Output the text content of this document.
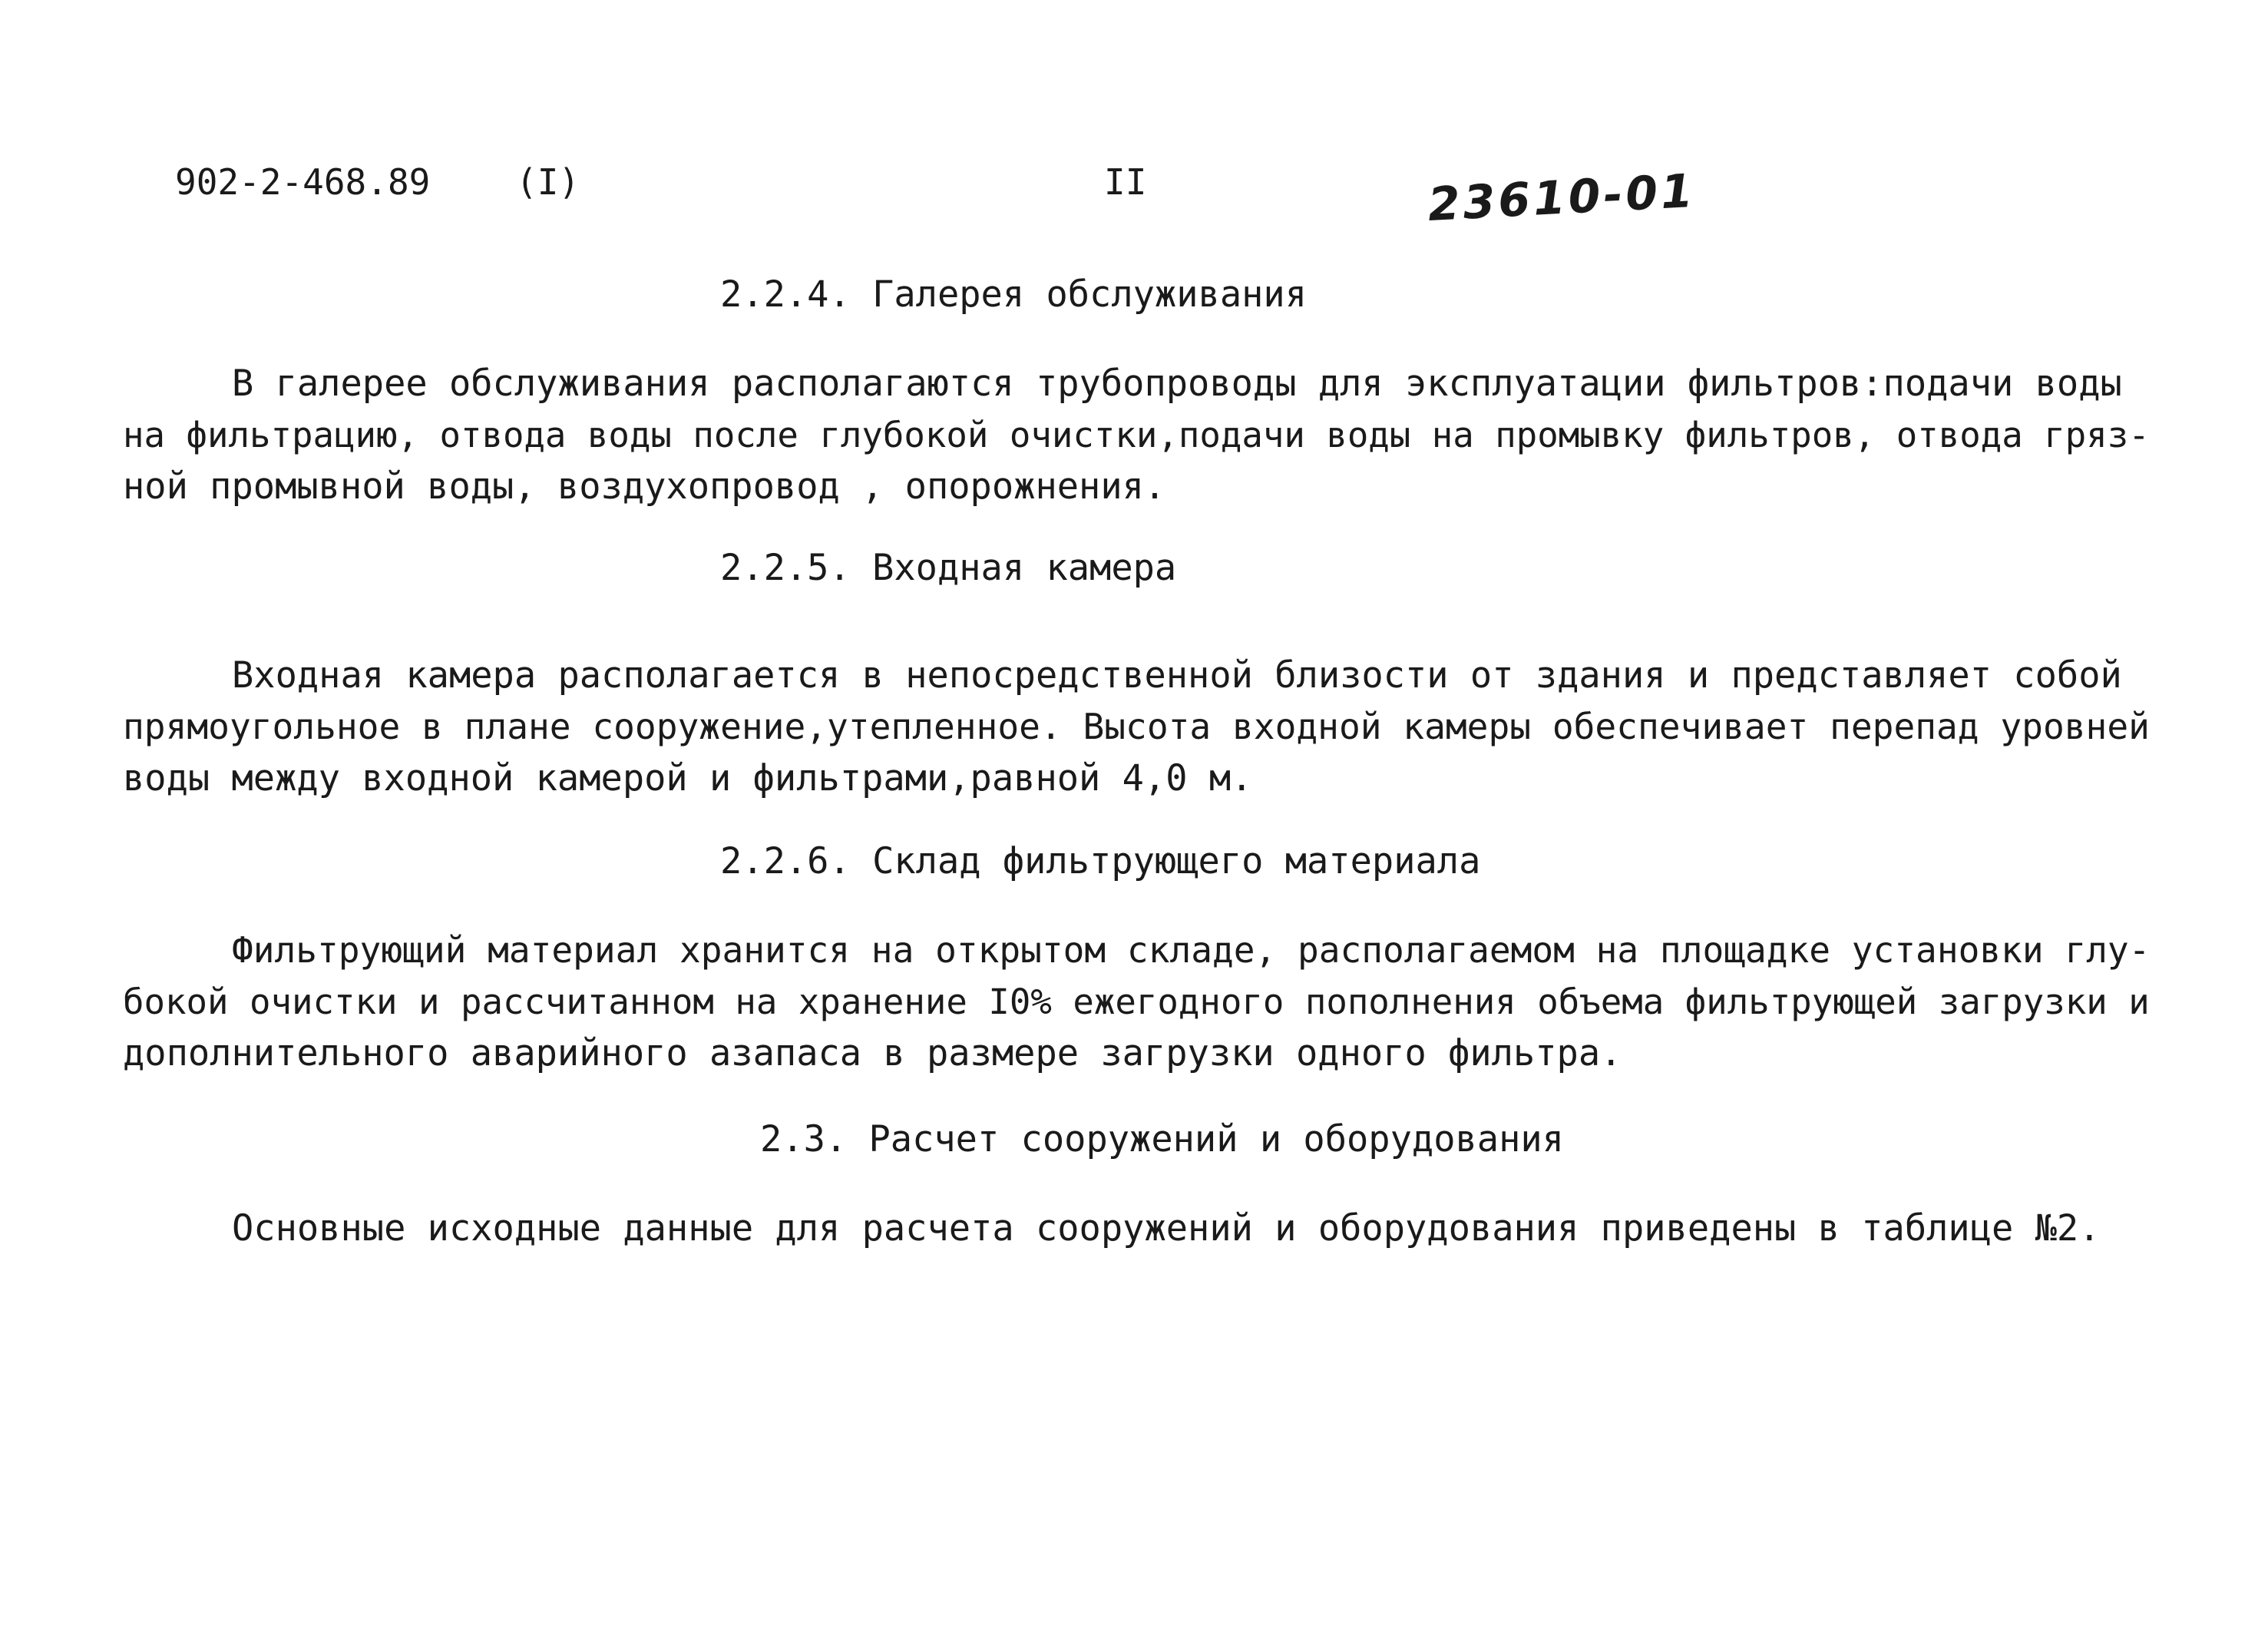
902-2-468.89 (I)	II	23610-01
2.2.4. Галерея обслуживания
В галерее обслуживания располагаются трубопроводы для эксплуатации фильтров:подачи воды
на фильтрацию, отвода воды после глубокой очистки,подачи воды на промывку фильтров, отвода гряз-
ной промывной воды, воздухопровод , опорожнения.
2.2.5. Входная камера
Входная камера располагается в непосредственной близости от здания и представляет собой
прямоугольное в плане сооружение,утепленное. Высота входной камеры обеспечивает перепад уровней
воды между входной камерой и фильтрами,равной 4,0 м.
2.2.6. Склад фильтрующего материала
Фильтрующий материал хранится на открытом складе, располагаемом на площадке установки глу-
бокой очистки и рассчитанном на хранение I0% ежегодного пополнения объема фильтрующей загрузки и
дополнительного аварийного азапаса в размере загрузки одного фильтра.
2.3. Расчет сооружений и оборудования
Основные исходные данные для расчета сооружений и оборудования приведены в таблице №2.
